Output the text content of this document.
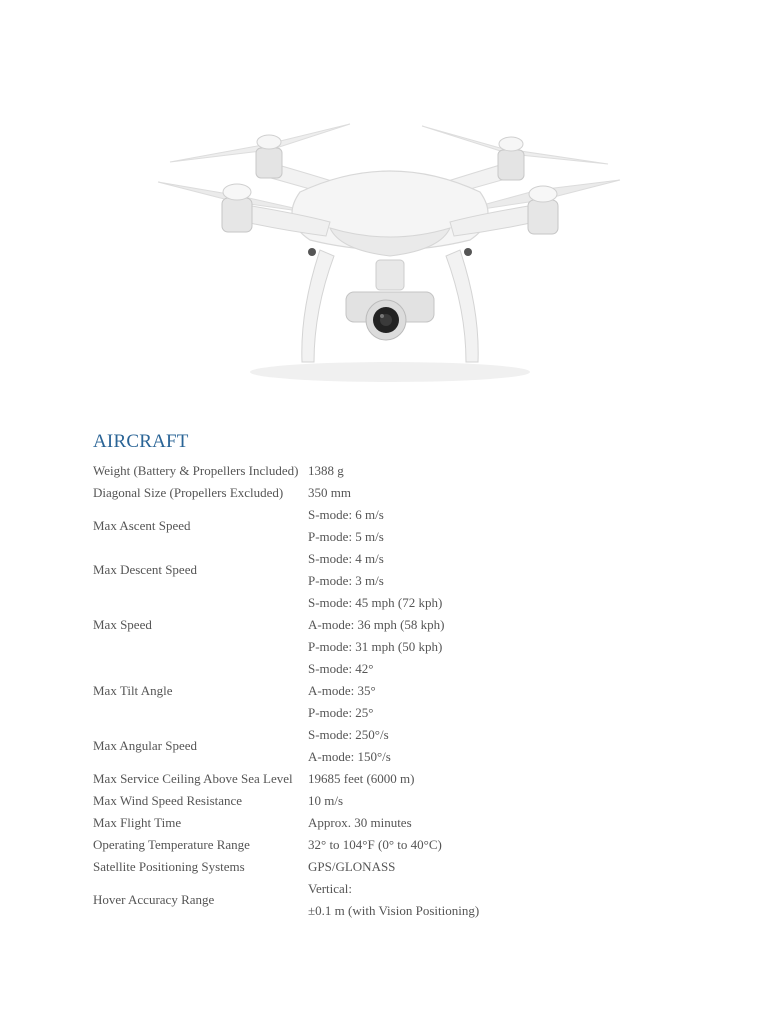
AIRCRAFT
Weight (Battery & Propellers Included)	1388 g

Diagonal Size (Propellers Excluded)	350 mm

Max Ascent Speed	S-mode: 6 m/s
P-mode: 5 m/s

Max Descent Speed	S-mode: 4 m/s
P-mode: 3 m/s

Max Speed	S-mode: 45 mph (72 kph)
A-mode: 36 mph (58 kph)
P-mode: 31 mph (50 kph)

Max Tilt Angle	S-mode: 42°
A-mode: 35°
P-mode: 25°

Max Angular Speed	S-mode: 250°/s
A-mode: 150°/s

Max Service Ceiling Above Sea Level	19685 feet (6000 m)

Max Wind Speed Resistance	10 m/s

Max Flight Time	Approx. 30 minutes

Operating Temperature Range	32° to 104°F (0° to 40°C)

Satellite Positioning Systems	GPS/GLONASS

Hover Accuracy Range	Vertical:
±0.1 m (with Vision Positioning)
